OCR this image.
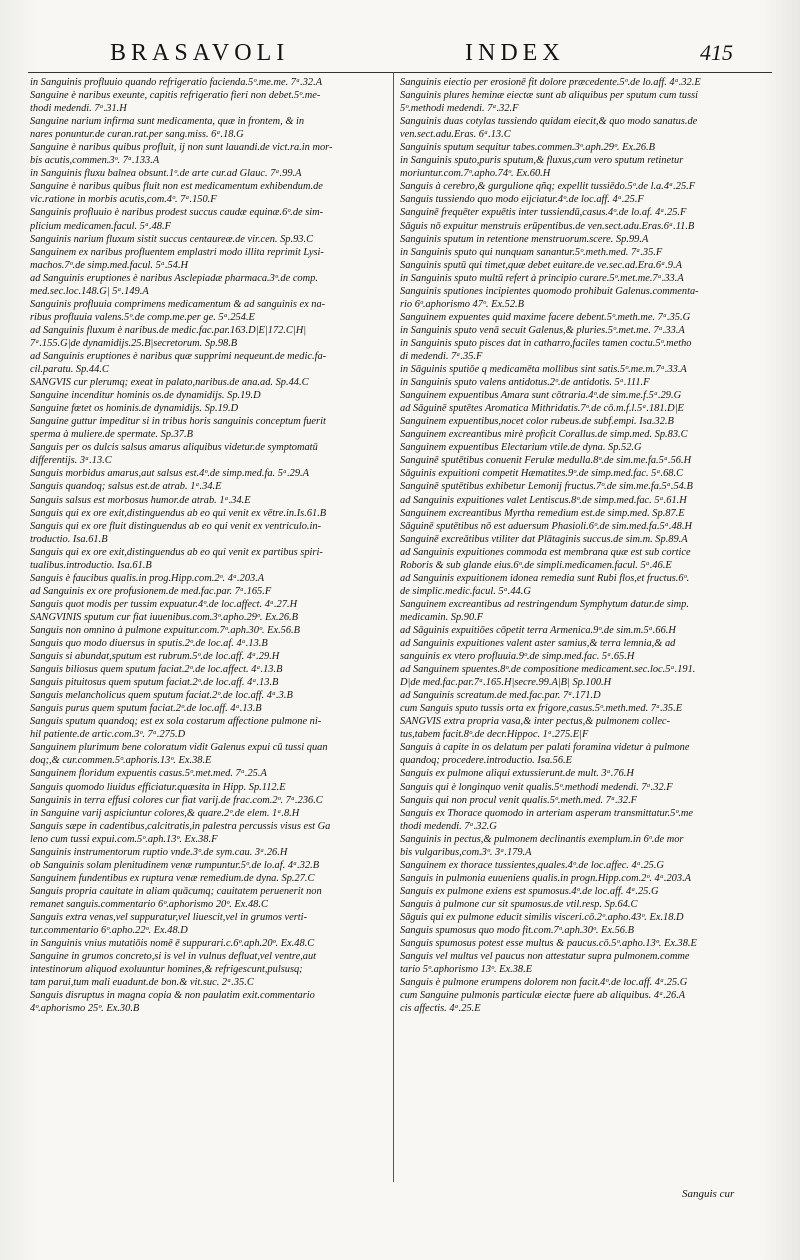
BRASAVOLI	INDEX	415
in Sanguinis profluuio quando refrigeratio facienda.5ᵒ.me.me. 7ᵃ.32.A
Sanguine è naribus exeunte, capitis refrigeratio fieri non debet.5ᵒ.me-
thodi medendi. 7ᵃ.31.H
Sanguine narium infirma sunt medicamenta, quæ in frontem, & in
nares ponuntur.de curan.rat.per sang.miss. 6ᵃ.18.G
Sanguine è naribus quibus profluit, ij non sunt lauandi.de vict.ra.in mor-
bis acutis,commen.3ᵒ. 7ᵃ.133.A
in Sanguinis fluxu balnea obsunt.1ᵒ.de arte cur.ad Glauc. 7ᵃ.99.A
Sanguine è naribus quibus fluit non est medicamentum exhibendum.de
vic.ratione in morbis acutis,com.4ᵒ. 7ᵃ.150.F
Sanguinis profluuio è naribus prodest succus caudæ equinæ.6ᵒ.de sim-
plicium medicamen.facul. 5ᵃ.48.F
Sanguinis narium fluxum sistit succus centaureæ.de vir.cen. Sp.93.C
Sanguinem ex naribus profluentem emplastri modo illita reprimit Lysi-
machos.7ᵒ.de simp.med.facul. 5ᵃ.54.H
ad Sanguinis eruptiones è naribus Asclepiadæ pharmaca.3ᵒ.de comp.
med.sec.loc.148.G| 5ᵃ.149.A
Sanguinis profluuia comprimens medicamentum & ad sanguinis ex na-
ribus profluuia valens.5ᵒ.de comp.me.per ge. 5ᵃ.254.E
ad Sanguinis fluxum è naribus.de medic.fac.par.163.D|E|172.C|H|
7ᵃ.155.G|de dynamidijs.25.B|secretorum. Sp.98.B
ad Sanguinis eruptiones è naribus quæ supprimi nequeunt.de medic.fa-
cil.paratu. Sp.44.C
SANGVIS cur plerumq; exeat in palato,naribus.de ana.ad. Sp.44.C
Sanguine incenditur hominis os.de dynamidijs. Sp.19.D
Sanguine fœtet os hominis.de dynamidijs. Sp.19.D
Sanguine guttur impeditur si in tribus horis sanguinis conceptum fuerit
sperma à muliere.de spermate. Sp.37.B
Sanguis per os dulcis salsus amarus aliquibus videtur.de symptomatū
differentijs. 3ᵃ.13.C
Sanguis morbidus amarus,aut salsus est.4ᵒ.de simp.med.fa. 5ᵃ.29.A
Sanguis quandoq; salsus est.de atrab. 1ᵃ.34.E
Sanguis salsus est morbosus humor.de atrab. 1ᵃ.34.E
Sanguis qui ex ore exit,distinguendus ab eo qui venit ex vētre.in.Is.61.B
Sanguis qui ex ore fluit distinguendus ab eo qui venit ex ventriculo.in-
troductio. Isa.61.B
Sanguis qui ex ore exit,distinguendus ab eo qui venit ex partibus spiri-
tualibus.introductio. Isa.61.B
Sanguis è faucibus qualis.in prog.Hipp.com.2ᵒ. 4ᵃ.203.A
ad Sanguinis ex ore profusionem.de med.fac.par. 7ᵃ.165.F
Sanguis quot modis per tussim expuatur.4ᵒ.de loc.affect. 4ᵃ.27.H
SANGVINIS sputum cur fiat iuuenibus.com.3ᵒ.apho.29ᵒ. Ex.26.B
Sanguis non omnino à pulmone expuitur.com.7ᵒ.aph.30ᵒ. Ex.56.B
Sanguis quo modo diuersus in sputis.2ᵒ.de loc.af. 4ᵃ.13.B
Sanguis si abundat,sputum est rubrum.5ᵒ.de loc.aff. 4ᵃ.29.H
Sanguis biliosus quem sputum faciat.2ᵒ.de loc.affect. 4ᵃ.13.B
Sanguis pituitosus quem sputum faciat.2ᵒ.de loc.aff. 4ᵃ.13.B
Sanguis melancholicus quem sputum faciat.2ᵒ.de loc.aff. 4ᵃ.3.B
Sanguis purus quem sputum faciat.2ᵒ.de loc.aff. 4ᵃ.13.B
Sanguis sputum quandoq; est ex sola costarum affectione pulmone ni-
hil patiente.de artic.com.3ᵒ. 7ᵃ.275.D
Sanguinem plurimum bene coloratum vidit Galenus expui cū tussi quan
doq;,& cur.commen.5ᵒ.aphoris.13ᵒ. Ex.38.E
Sanguinem floridum expuentis casus.5ᵒ.met.med. 7ᵃ.25.A
Sanguis quomodo liuidus efficiatur.quæsita in Hipp. Sp.112.E
Sanguinis in terra effusi colores cur fiat varij.de frac.com.2ᵒ. 7ᵃ.236.C
in Sanguine varij aspiciuntur colores,& quare.2ᵒ.de elem. 1ᵃ.8.H
Sanguis sæpe in cadentibus,calcitratis,in palestra percussis visus est Ga
leno cum tussi expui.com.5ᵒ.aph.13ᵒ. Ex.38.F
Sanguinis instrumentorum ruptio vnde.3ᵒ.de sym.cau. 3ᵃ.26.H
ob Sanguinis solam plenitudinem venæ rumpuntur.5ᵒ.de lo.af. 4ᵃ.32.B
Sanguinem fundentibus ex ruptura venæ remedium.de dyna. Sp.27.C
Sanguis propria cauitate in aliam quācumq; cauitatem peruenerit non
remanet sanguis.commentario 6ᵒ.aphorismo 20ᵒ. Ex.48.C
Sanguis extra venas,vel suppuratur,vel liuescit,vel in grumos verti-
tur.commentario 6ᵒ.apho.22ᵒ. Ex.48.D
in Sanguinis vnius mutatiōis nomē ē suppurari.c.6ᵒ.aph.20ᵒ. Ex.48.C
Sanguine in grumos concreto,si is vel in vulnus defluat,vel ventre,aut
intestinorum aliquod exoluuntur homines,& refrigescunt,pulsusq;
tam parui,tum mali euadunt.de bon.& vit.suc. 2ᵃ.35.C
Sanguis disruptus in magna copia & non paulatim exit.commentario
4ᵒ.aphorismo 25ᵒ. Ex.30.B
Sanguinis eiectio per erosionē fit dolore præcedente.5ᵒ.de lo.aff. 4ᵃ.32.E
Sanguinis plures heminæ eiectæ sunt ab aliquibus per sputum cum tussi
5ᵒ.methodi medendi. 7ᵃ.32.F
Sanguinis duas cotylas tussiendo quidam eiecit,& quo modo sanatus.de
ven.sect.adu.Eras. 6ᵃ.13.C
Sanguinis sputum sequitur tabes.commen.3ᵒ.aph.29ᵒ. Ex.26.B
in Sanguinis sputo,puris sputum,& fluxus,cum vero sputum retinetur
moriuntur.com.7ᵒ.apho.74ᵒ. Ex.60.H
Sanguis à cerebro,& gurgulione qñq; expellit tussiēdo.5ᵒ.de l.a.4ᵃ.25.F
Sanguis tussiendo quo modo eijciatur.4ᵒ.de loc.aff. 4ᵃ.25.F
Sanguinē frequēter expuētis inter tussiendū,casus.4ᵒ.de lo.af. 4ᵃ.25.F
Sāguis nō expuitur menstruis erūpentibus.de ven.sect.adu.Eras.6ᵃ.11.B
Sanguinis sputum in retentione menstruorum.scere. Sp.99.A
in Sanguinis sputo qui nunquam sanantur.5ᵒ.meth.med. 7ᵃ.35.F
Sanguinis sputū qui timet,quæ debet euitare.de ve.sec.ad.Era.6ᵃ.9.A
in Sanguinis sputo multū refert à principio curare.5ᵒ.met.me.7ᵃ.33.A
Sanguinis sputiones incipientes quomodo prohibuit Galenus.commenta-
rio 6ᵒ.aphorismo 47ᵒ. Ex.52.B
Sanguinem expuentes quid maxime facere debent.5ᵒ.meth.me. 7ᵃ.35.G
in Sanguinis sputo venā secuit Galenus,& pluries.5ᵒ.met.me. 7ᵃ.33.A
in Sanguinis sputo pisces dat in catharro,faciles tamen coctu.5ᵒ.metho
di medendi. 7ᵃ.35.F
in Sāguinis sputiōe q medicamēta mollibus sint satis.5ᵒ.me.m.7ᵃ.33.A
in Sanguinis sputo valens antidotus.2ᵒ.de antidotis. 5ᵃ.111.F
Sanguinem expuentibus Amara sunt cōtraria.4ᵒ.de sim.me.f.5ᵃ.29.G
ad Sāguinē sputētes Aromatica Mithridatis.7ᵒ.de cō.m.f.l.5ᵃ.181.D|E
Sanguinem expuentibus,nocet color rubeus.de subf.empi. Isa.32.B
Sanguinem excreantibus mirè proficit Corallus.de simp.med. Sp.83.C
Sanguinem expuentibus Electarium vtile.de dyna. Sp.52.G
Sanguinē sputētibus conuenit Ferulæ medulla.8ᵒ.de sim.me.fa.5ᵃ.56.H
Sāguinis expuitioni competit Hæmatites.9ᵒ.de simp.med.fac. 5ᵃ.68.C
Sanguinē sputētibus exhibetur Lemonij fructus.7ᵒ.de sim.me.fa.5ᵃ.54.B
ad Sanguinis expuitiones valet Lentiscus.8ᵒ.de simp.med.fac. 5ᵃ.61.H
Sanguinem excreantibus Myrtha remedium est.de simp.med. Sp.87.E
Sāguinē sputētibus nō est aduersum Phasioli.6ᵒ.de sim.med.fa.5ᵃ.48.H
Sanguinē excreātibus vtiliter dat Plātaginis succus.de sim.m. Sp.89.A
ad Sanguinis expuitiones commoda est membrana quæ est sub cortice
Roboris & sub glande eius.6ᵒ.de simpli.medicamen.facul. 5ᵃ.46.E
ad Sanguinis expuitionem idonea remedia sunt Rubi flos,et fructus.6ᵒ.
de simplic.medic.facul. 5ᵃ.44.G
Sanguinem excreantibus ad restringendum Symphytum datur.de simp.
medicamin. Sp.90.F
ad Sāguinis expuitiōes cōpetit terra Armenica.9ᵒ.de sim.m.5ᵃ.66.H
ad Sanguinis expuitiones valent aster samius,& terra lemnia,& ad
sanguinis ex vtero profluuia.9ᵒ.de simp.med.fac. 5ᵃ.65.H
ad Sanguinem spuentes.8ᵒ.de compositione medicament.sec.loc.5ᵃ.191.
D|de med.fac.par.7ᵃ.165.H|secre.99.A|B| Sp.100.H
ad Sanguinis screatum.de med.fac.par. 7ᵃ.171.D
cum Sanguis sputo tussis orta ex frigore,casus.5ᵒ.meth.med. 7ᵃ.35.E
SANGVIS extra propria vasa,& inter pectus,& pulmonem collec-
tus,tabem facit.8ᵒ.de decr.Hippoc. 1ᵃ.275.E|F
Sanguis à capite in os delatum per palati foramina videtur à pulmone
quandoq; procedere.introductio. Isa.56.E
Sanguis ex pulmone aliqui extussierunt.de mult. 3ᵃ.76.H
Sanguis qui è longinquo venit qualis.5ᵒ.methodi medendi. 7ᵃ.32.F
Sanguis qui non procul venit qualis.5ᵒ.meth.med. 7ᵃ.32.F
Sanguis ex Thorace quomodo in arteriam asperam transmittatur.5ᵒ.me
thodi medendi. 7ᵃ.32.G
Sanguinis in pectus,& pulmonem declinantis exemplum.in 6ᵒ.de mor
bis vulgaribus,com.3ᵒ. 3ᵃ.179.A
Sanguinem ex thorace tussientes,quales.4ᵒ.de loc.affec. 4ᵃ.25.G
Sanguis in pulmonia euueniens qualis.in progn.Hipp.com.2ᵒ. 4ᵃ.203.A
Sanguis ex pulmone exiens est spumosus.4ᵒ.de loc.aff. 4ᵃ.25.G
Sanguis à pulmone cur sit spumosus.de vtil.resp. Sp.64.C
Sāguis qui ex pulmone educit similis visceri.cō.2ᵒ.apho.43ᵒ. Ex.18.D
Sanguis spumosus quo modo fit.com.7ᵒ.aph.30ᵒ. Ex.56.B
Sanguis spumosus potest esse multus & paucus.cō.5ᵒ.apho.13ᵒ. Ex.38.E
Sanguis vel multus vel paucus non attestatur supra pulmonem.comme
tario 5ᵒ.aphorismo 13ᵒ. Ex.38.E
Sanguis è pulmone erumpens dolorem non facit.4ᵒ.de loc.aff. 4ᵃ.25.G
cum Sanguine pulmonis particulæ eiectæ fuere ab aliquibus. 4ᵃ.26.A
cis affectis. 4ᵃ.25.E
Sanguis cur
